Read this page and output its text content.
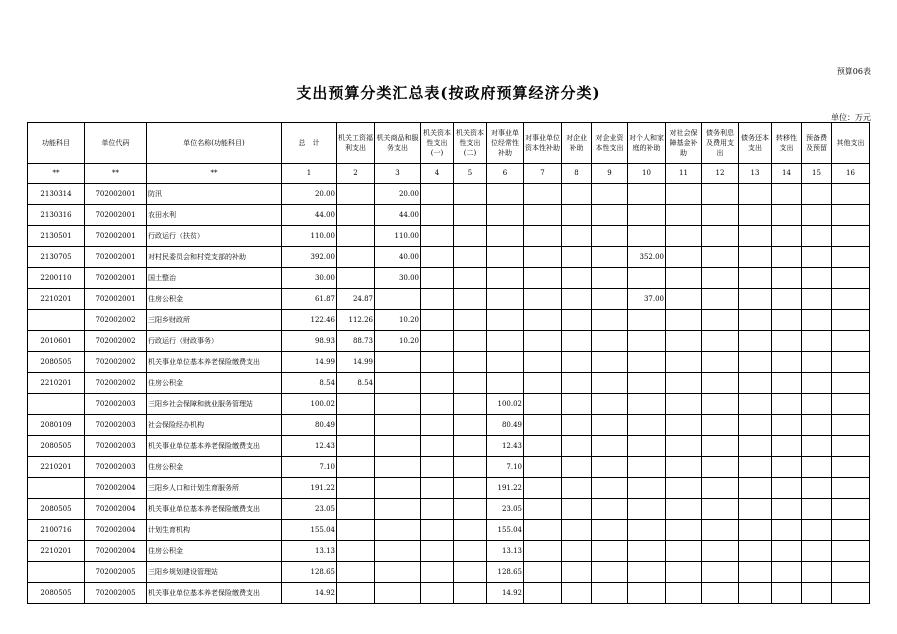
预算06表
支出预算分类汇总表(按政府预算经济分类)
单位：万元
功能科目	单位代码	单位名称(功能科目)	总　计	机关工资福利支出	机关商品和服务支出	机关资本性支出(一)	机关资本性支出(二)	对事业单位经常性补助	对事业单位资本性补助	对企业补助	对企业资本性支出	对个人和家庭的补助	对社会保障基金补助	债务利息及费用支出	债务还本支出	转移性支出	预备费及预留	其他支出
**	**	**	1	2	3	4	5	6	7	8	9	10	11	12	13	14	15	16
2130314	702002001	防汛	20.00		20.00													
2130316	702002001	农田水利	44.00		44.00													
2130501	702002001	行政运行（扶贫）	110.00		110.00													
2130705	702002001	对村民委员会和村党支部的补助	392.00		40.00							352.00						
2200110	702002001	国土整治	30.00		30.00													
2210201	702002001	住房公积金	61.87	24.87								37.00						
	702002002	三阳乡财政所	122.46	112.26	10.20													
2010601	702002002	行政运行（财政事务）	98.93	88.73	10.20													
2080505	702002002	机关事业单位基本养老保险缴费支出	14.99	14.99														
2210201	702002002	住房公积金	8.54	8.54														
	702002003	三阳乡社会保障和就业服务管理站	100.02					100.02										
2080109	702002003	社会保险经办机构	80.49					80.49										
2080505	702002003	机关事业单位基本养老保险缴费支出	12.43					12.43										
2210201	702002003	住房公积金	7.10					7.10										
	702002004	三阳乡人口和计划生育服务所	191.22					191.22										
2080505	702002004	机关事业单位基本养老保险缴费支出	23.05					23.05										
2100716	702002004	计划生育机构	155.04					155.04										
2210201	702002004	住房公积金	13.13					13.13										
	702002005	三阳乡规划建设管理站	128.65					128.65										
2080505	702002005	机关事业单位基本养老保险缴费支出	14.92					14.92										
